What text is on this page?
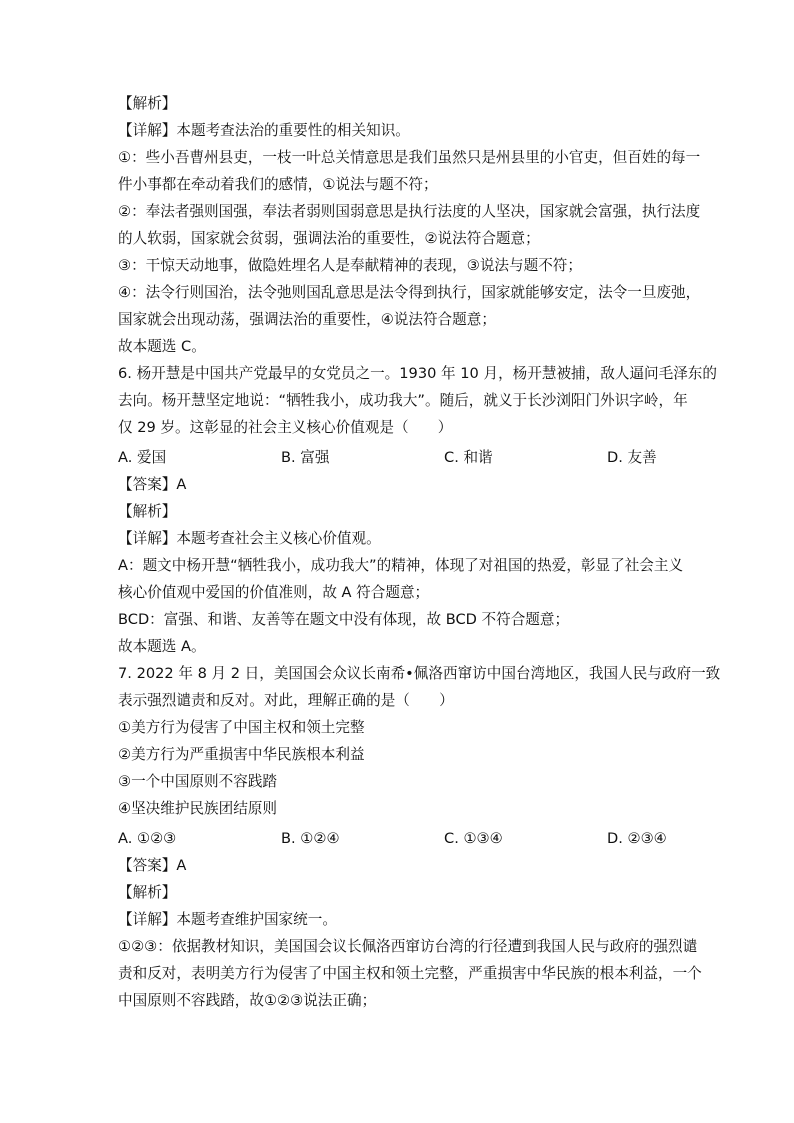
【解析】
【详解】本题考查法治的重要性的相关知识。
①：些小吾曹州县吏，一枝一叶总关情意思是我们虽然只是州县里的小官吏，但百姓的每一
件小事都在牵动着我们的感情，①说法与题不符；
②：奉法者强则国强，奉法者弱则国弱意思是执行法度的人坚决，国家就会富强，执行法度
的人软弱，国家就会贫弱，强调法治的重要性，②说法符合题意；
③：干惊天动地事，做隐姓埋名人是奉献精神的表现，③说法与题不符；
④：法令行则国治，法令弛则国乱意思是法令得到执行，国家就能够安定，法令一旦废弛，
国家就会出现动荡，强调法治的重要性，④说法符合题意；
故本题选 C。
6. 杨开慧是中国共产党最早的女党员之一。1930 年 10 月，杨开慧被捕，敌人逼问毛泽东的
去向。杨开慧坚定地说：“牺牲我小，成功我大”。随后，就义于长沙浏阳门外识字岭，年
仅 29 岁。这彰显的社会主义核心价值观是（　　）
A. 爱国	B. 富强	C. 和谐	D. 友善
【答案】A
【解析】
【详解】本题考查社会主义核心价值观。
A：题文中杨开慧“牺牲我小，成功我大”的精神，体现了对祖国的热爱，彰显了社会主义
核心价值观中爱国的价值准则，故 A 符合题意；
BCD：富强、和谐、友善等在题文中没有体现，故 BCD 不符合题意；
故本题选 A。
7. 2022 年 8 月 2 日，美国国会众议长南希•佩洛西窜访中国台湾地区，我国人民与政府一致
表示强烈谴责和反对。对此，理解正确的是（　　）
①美方行为侵害了中国主权和领土完整
②美方行为严重损害中华民族根本利益
③一个中国原则不容践踏
④坚决维护民族团结原则
A. ①②③	B. ①②④	C. ①③④	D. ②③④
【答案】A
【解析】
【详解】本题考查维护国家统一。
①②③：依据教材知识，美国国会议长佩洛西窜访台湾的行径遭到我国人民与政府的强烈谴
责和反对，表明美方行为侵害了中国主权和领土完整，严重损害中华民族的根本利益，一个
中国原则不容践踏，故①②③说法正确；
